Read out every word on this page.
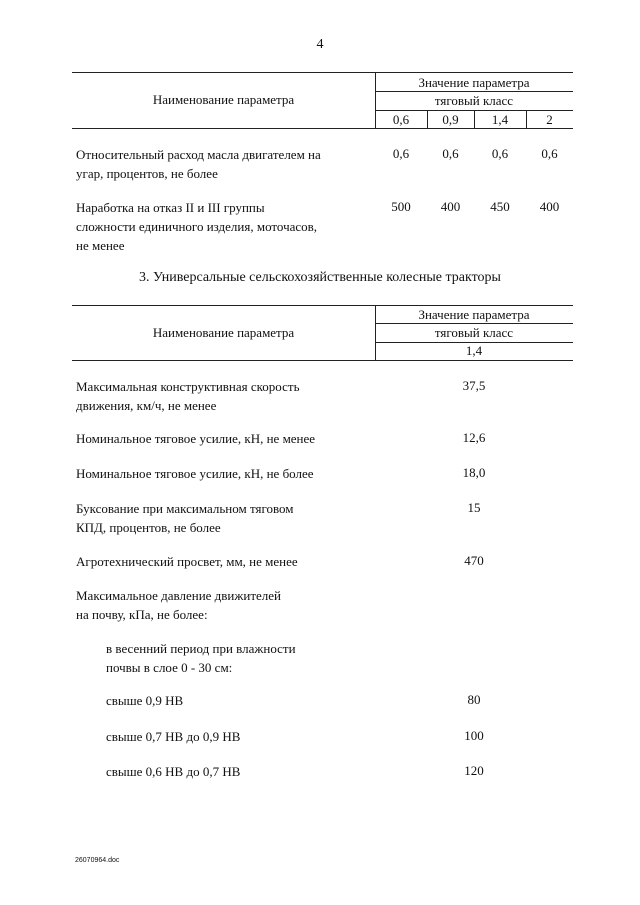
4
Наименование параметра
Значение параметра
тяговый класс
0,6	0,9	1,4	2
Относительный расход масла двигателем на
угар, процентов, не более
0,6	0,6	0,6	0,6
Наработка на отказ II и III группы
сложности единичного изделия, моточасов,
не менее
500	400	450	400
3. Универсальные сельскохозяйственные колесные тракторы
Наименование параметра
Значение параметра
тяговый класс
1,4
Максимальная конструктивная скорость
движения, км/ч, не менее
37,5
Номинальное тяговое усилие, кН, не менее	12,6
Номинальное тяговое усилие, кН, не более	18,0
Буксование при максимальном тяговом
КПД, процентов, не более
15
Агротехнический просвет, мм, не менее	470
Максимальное давление движителей
на почву, кПа, не более:
в весенний период при влажности
почвы в слое 0 - 30 см:
свыше 0,9 НВ	80
свыше 0,7 НВ до 0,9 НВ	100
свыше 0,6 НВ до 0,7 НВ	120
26070964.doc
